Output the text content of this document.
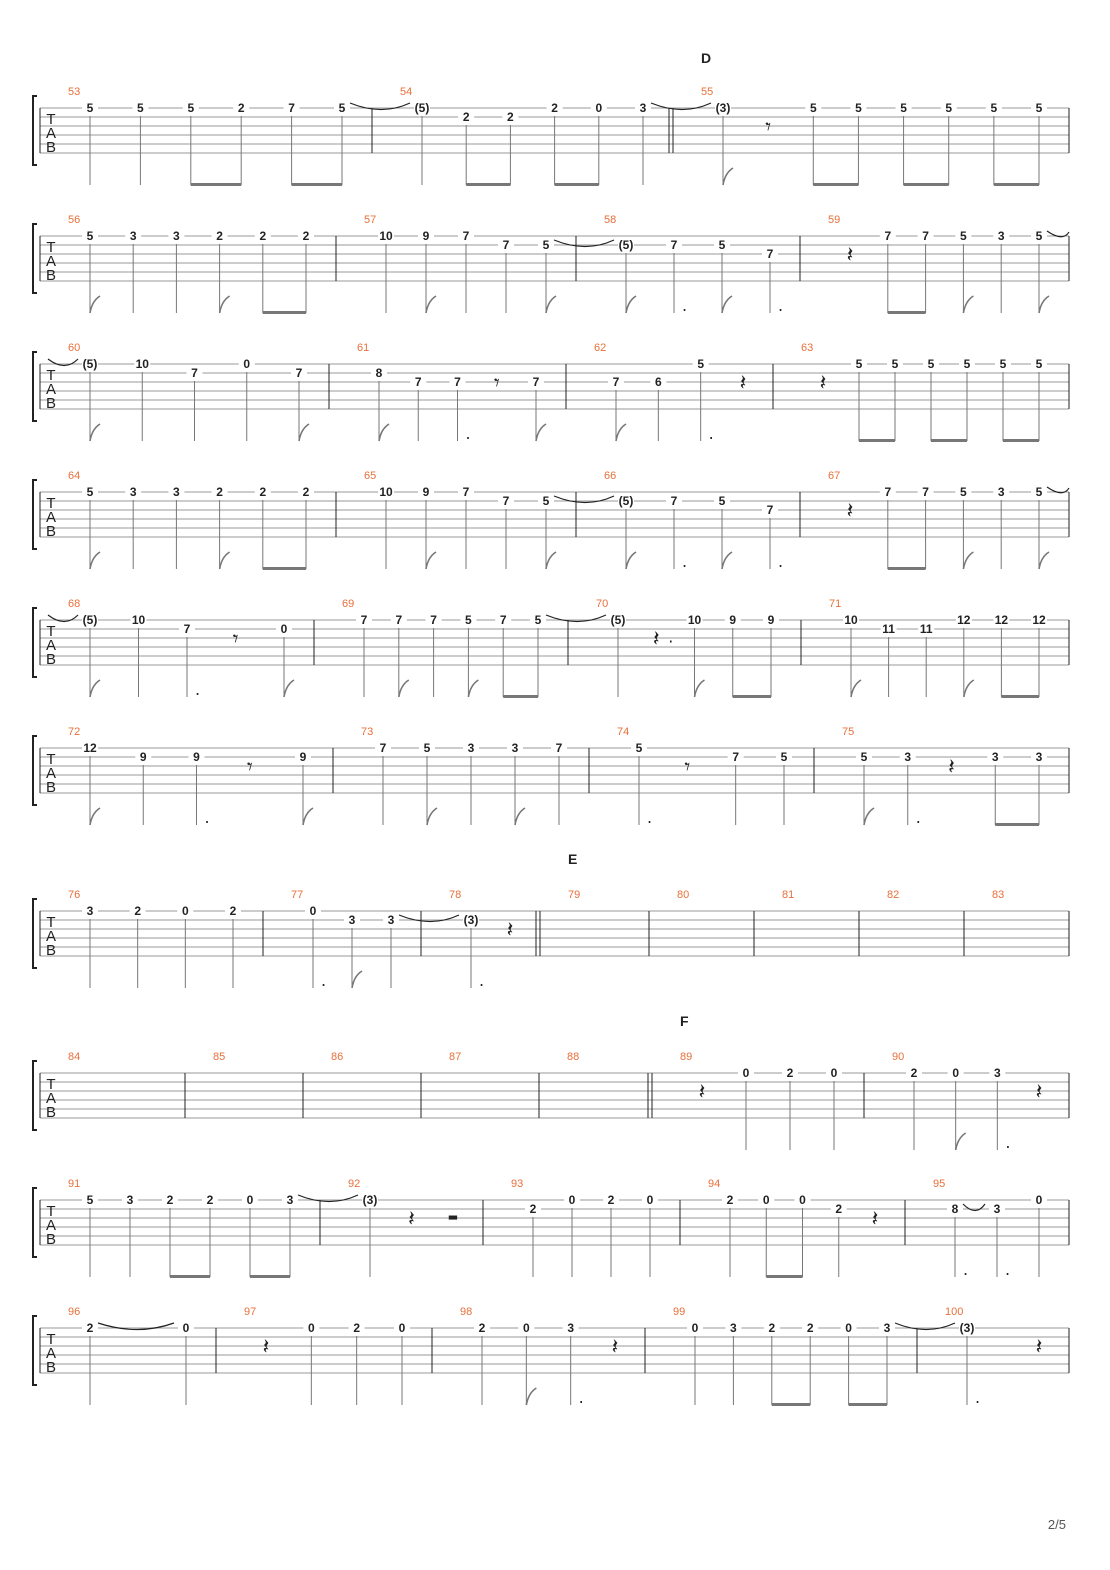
T
A
B
53
5	5	5	2	7	5
54
(5)
2	2
2	0	3
55
(3)
𝄾
5	5	5	5	5	5
T
A
B
56
5	3	3	2	2	2
57
10 9	7
7	5
58
(5)	7
.
5
7
.
59
𝄽
7	7	5	3	5
T
A
B
60
(5)	10
7
0
7
61
8
7	7
.
𝄾	7
62
7	6
5
.
𝄽
63
𝄽
5 5 5 5 5 5
T
A
B
64
5	3	3	2	2	2
65
10 9	7
7	5
66
(5)	7
.
5
7
.
67
𝄽
7	7	5	3	5
T
A
B
68
(5)	10
7
.
𝄾	0
69
7 7 7 5 7 5
70
(5)
𝄽 .
10 9	9
71
10
11 11
12 12 12
T
A
B
72
12
9	9
.
𝄾	9
73
7	5	3	3	7
74
5
.
𝄾	7	5
75
5	3
.
𝄽	3	3
T
A
B
76
3	2	0	2
77
0
.
3	3
78
(3)
.
𝄽
79	80	81	82	83
T
A
B
84	85	86	87	88	89
𝄽
0	2	0
90
2	0	3
.
𝄽
T
A
B
91
5	3	2	2	0	3
92
(3)
𝄽	▬
93
2
0	2	0
94
2 0 0
2 𝄽
95
8
.
3
.
0
T
A
B
96
2	0
97
𝄽
0	2	0
98
2	0	3
.
𝄽
99
0	3	2	2	0	3
100
(3)
.
𝄽
D
E
F
2/5
